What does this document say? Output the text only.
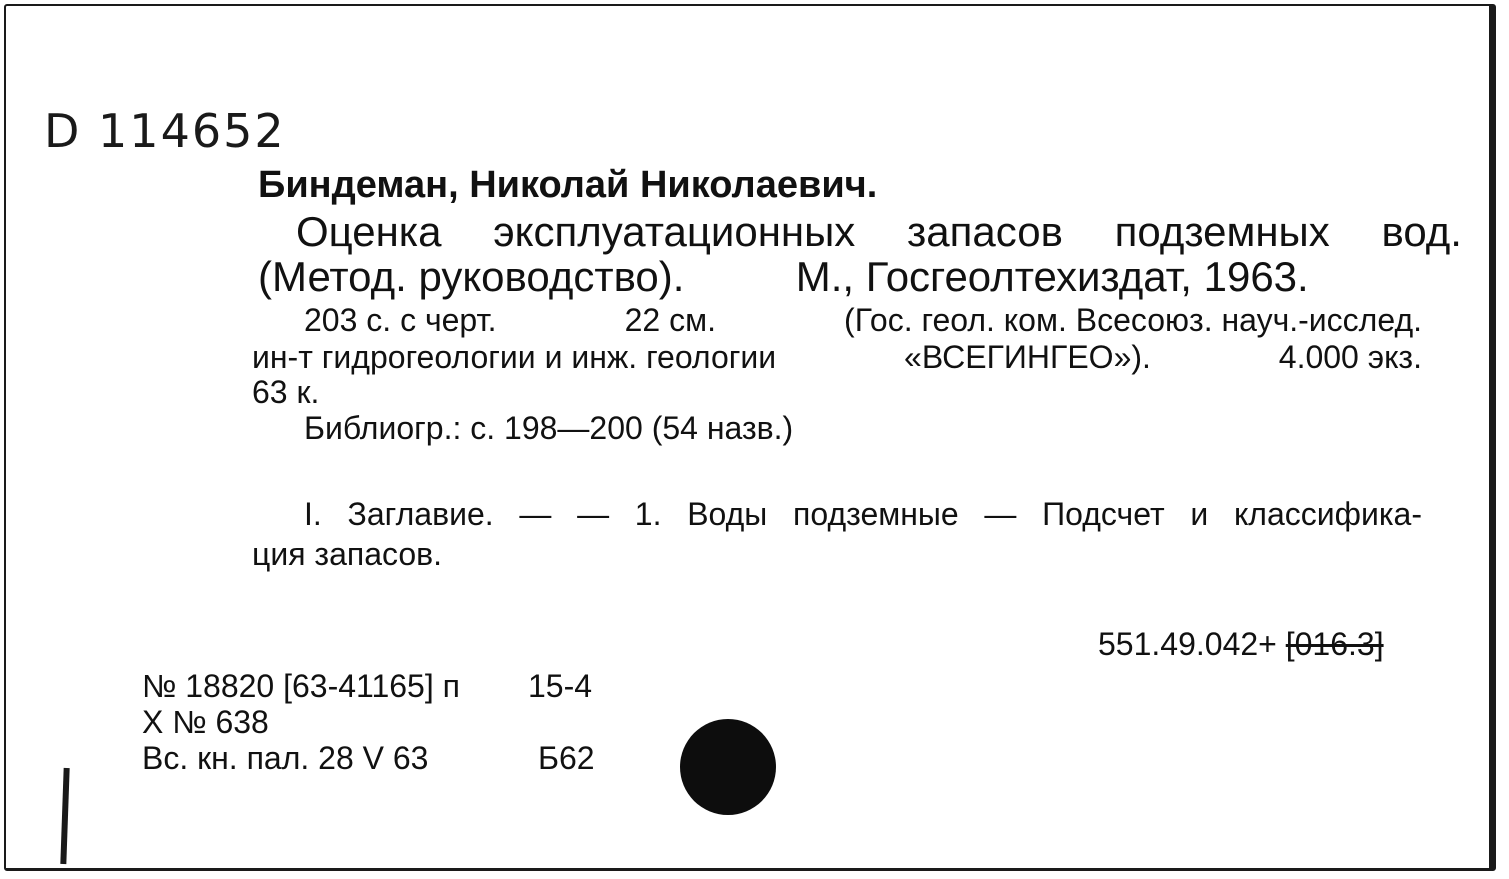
D 114652
Биндеман, Николай Николаевич.
Оценка эксплуатационных запасов подземных вод.
(Метод. руководство).	М., Госгеолтехиздат, 1963.
203 с. с черт.	22 см.	(Гос. геол. ком. Всесоюз. науч.-исслед.
ин-т гидрогеологии и инж. геологии	«ВСЕГИНГЕО»).	4.000 экз.
63 к.
Библиогр.: с. 198—200 (54 назв.)
I. Заглавие. — — 1. Воды подземные — Подсчет и классифика-
ция запасов.
551.49.042+ [016.3]
№ 18820 [63-41165] п 15-4
Х № 638
Вс. кн. пал. 28 V 63	Б62
